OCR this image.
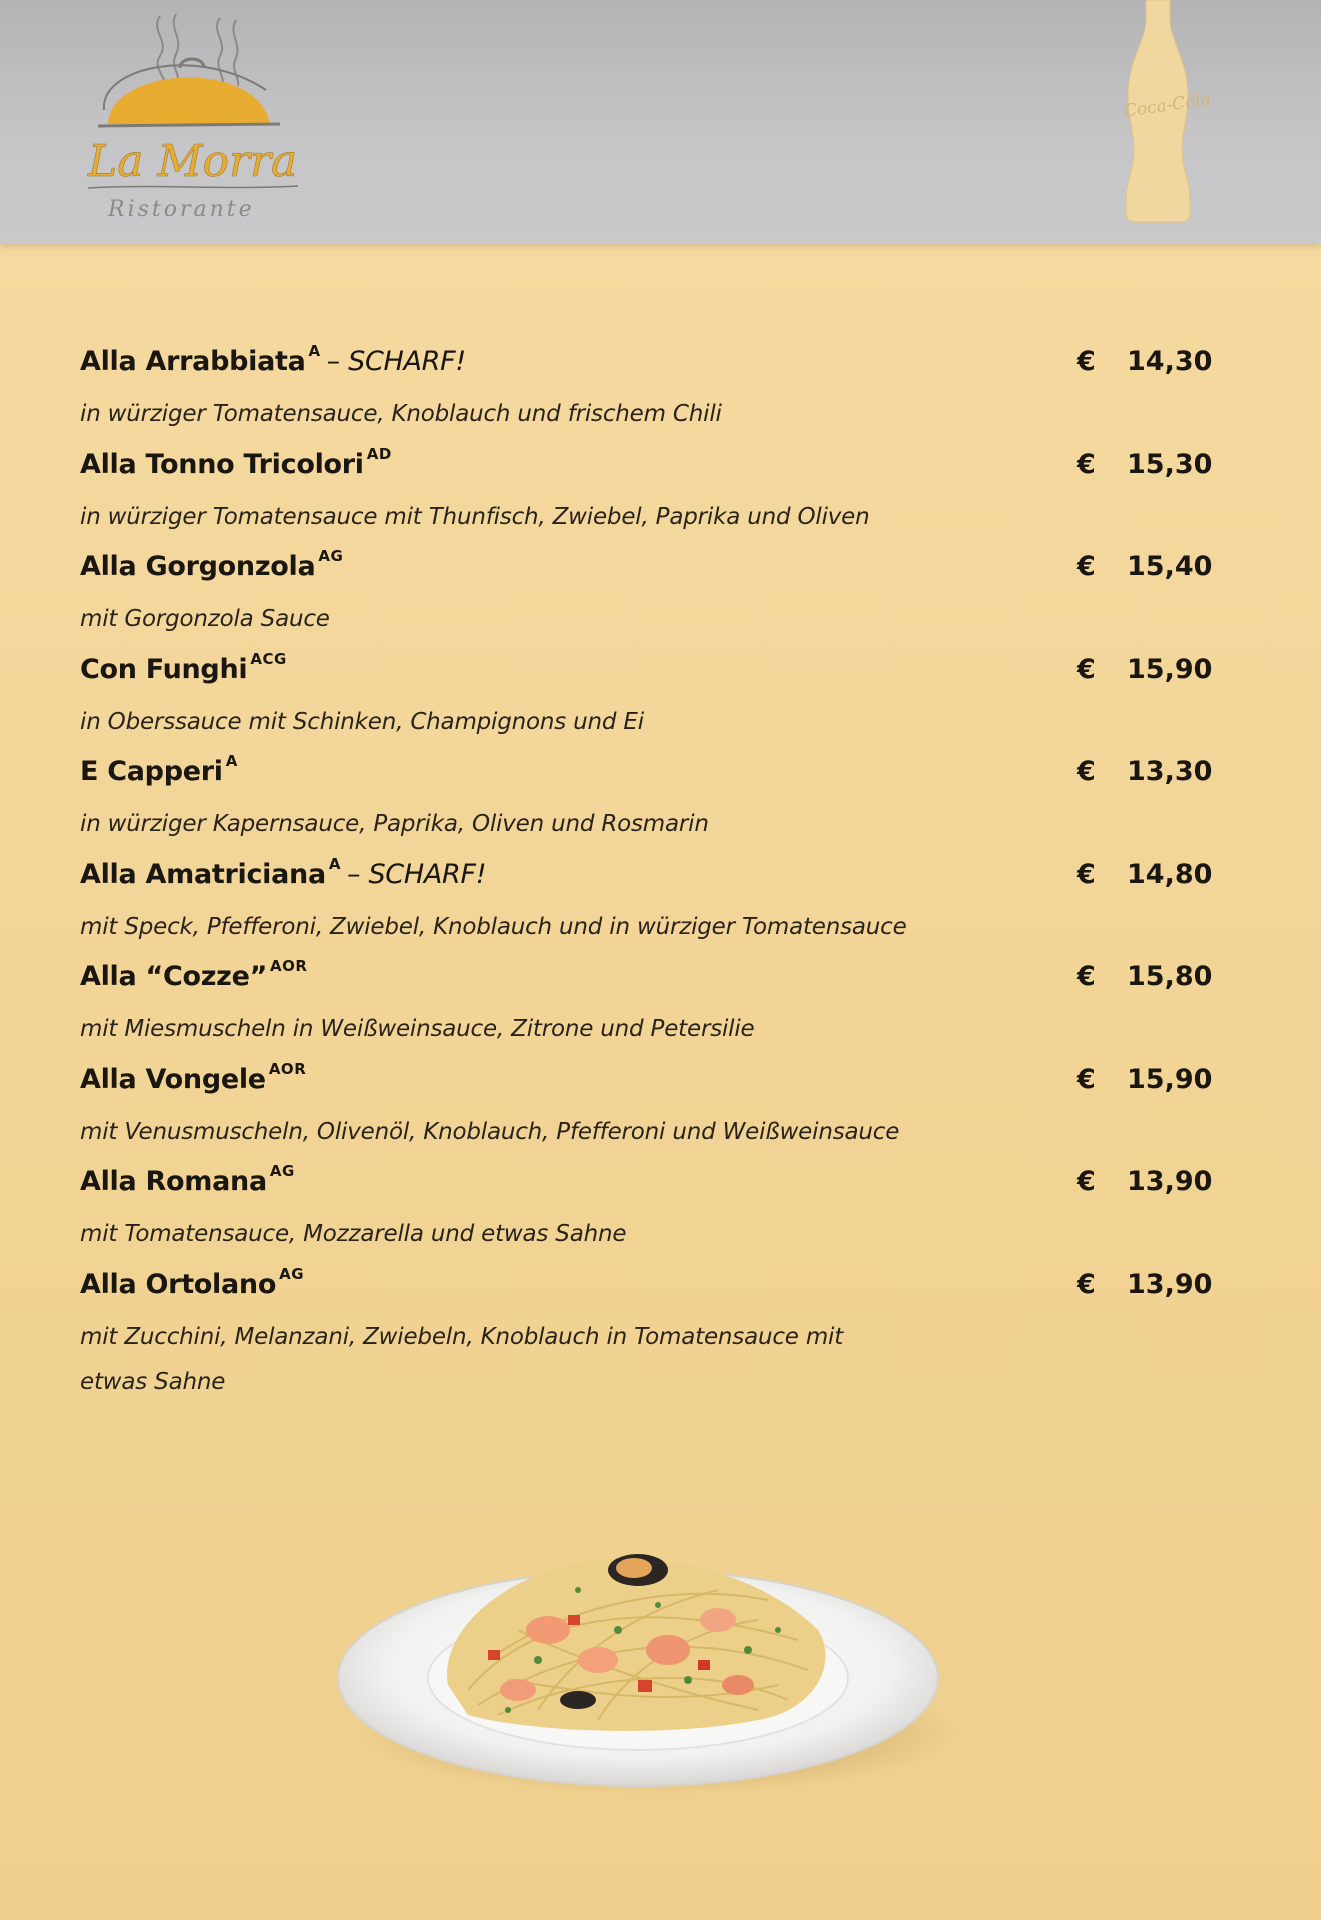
La Morra
Ristorante
Coca-Cola
Alla Arrabbiata $^A$ – SCHARF!	€ 14,30
in würziger Tomatensauce, Knoblauch und frischem Chili
Alla Tonno Tricolori $^{AD}$	€ 15,30
in würziger Tomatensauce mit Thunfisch, Zwiebel, Paprika und Oliven
Alla Gorgonzola $^{AG}$	€ 15,40
mit Gorgonzola Sauce
Con Funghi $^{ACG}$	€ 15,90
in Oberssauce mit Schinken, Champignons und Ei
E Capperi $^A$	€ 13,30
in würziger Kapernsauce, Paprika, Oliven und Rosmarin
Alla Amatriciana $^A$ – SCHARF!	€ 14,80
mit Speck, Pfefferoni, Zwiebel, Knoblauch und in würziger Tomatensauce
Alla “Cozze” $^{AOR}$	€ 15,80
mit Miesmuscheln in Weißweinsauce, Zitrone und Petersilie
Alla Vongele $^{AOR}$	€ 15,90
mit Venusmuscheln, Olivenöl, Knoblauch, Pfefferoni und Weißweinsauce
Alla Romana $^{AG}$	€ 13,90
mit Tomatensauce, Mozzarella und etwas Sahne
Alla Ortolano $^{AG}$	€ 13,90
mit Zucchini, Melanzani, Zwiebeln, Knoblauch in Tomatensauce mit etwas Sahne
